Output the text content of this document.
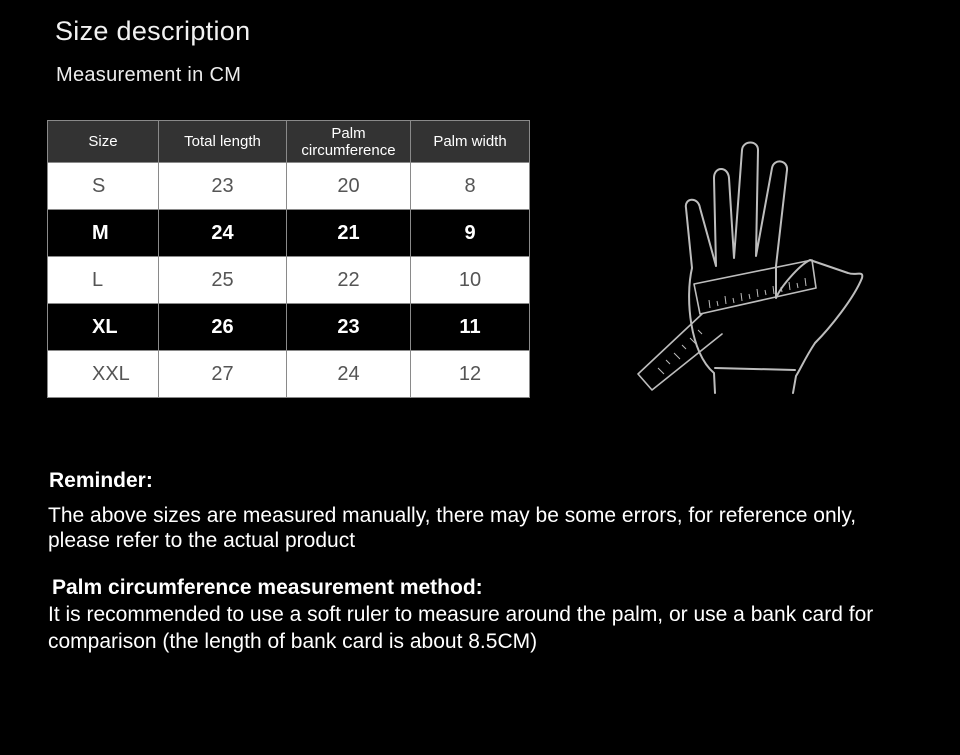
Size description
Measurement in CM
Size	Total length	Palm circumference	Palm width
S	23	20	8
M	24	21	9
L	25	22	10
XL	26	23	11
XXL	27	24	12
Reminder:
The above sizes are measured manually, there may be some errors, for reference only, please refer to the actual product
Palm circumference measurement method:
It is recommended to use a soft ruler to measure around the palm, or use a bank card for comparison (the length of bank card is about 8.5CM)
